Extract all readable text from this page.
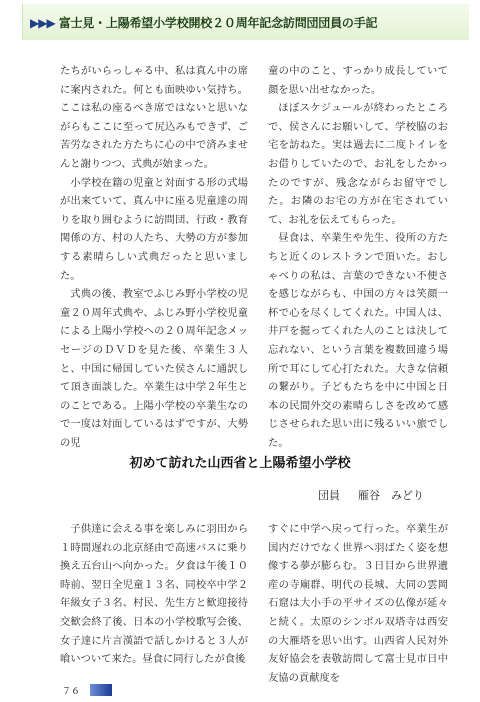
▶▶▶ 富士見・上陽希望小学校開校２０周年記念訪問団団員の手記

たちがいらっしゃる中、私は真ん中の席に案内された。何とも面映ゆい気持ち。ここは私の座るべき席ではないと思いながらもここに至って尻込みもできず、ご苦労なされた方たちに心の中で済みませんと謝りつつ、式典が始まった。

小学校在籍の児童と対面する形の式場が出来ていて、真ん中に座る児童達の周りを取り囲むように訪問団、行政・教育関係の方、村の人たち、大勢の方が参加する素晴らしい式典だったと思いました。

式典の後、教室でふじみ野小学校の児童２０周年式典や、ふじみ野小学校児童による上陽小学校への２０周年記念メッセージのＤＶＤを見た後、卒業生３人と、中国に帰国していた侯さんに通訳して頂き面談した。卒業生は中学２年生とのことである。上陽小学校の卒業生なので一度は対面しているはずですが、大勢の児

童の中のこと、すっかり成長していて顔を思い出せなかった。

ほぼスケジュールが終わったところで、侯さんにお願いして、学校脇のお宅を訪ねた。実は過去に二度トイレをお借りしていたので、お礼をしたかったのですが、残念ながらお留守でした。お隣のお宅の方が在宅されていて、お礼を伝えてもらった。

昼食は、卒業生や先生、役所の方たちと近くのレストランで頂いた。おしゃべりの私は、言葉のできない不便さを感じながらも、中国の方々は笑顔一杯で心を尽くしてくれた。中国人は、井戸を掘ってくれた人のことは決して忘れない、という言葉を複数回違う場所で耳にして心打たれた。大きな信頼の繋がり。子どもたちを中に中国と日本の民間外交の素晴らしさを改めて感じさせられた思い出に残るいい旅でした。

初めて訪れた山西省と上陽希望小学校
団員 雁谷　みどり

子供達に会える事を楽しみに羽田から１時間遅れの北京経由で高速バスに乗り換え五台山へ向かった。夕食は午後１０時前、翌日全児童１３名、同校卒中学２年級女子３名、村民、先生方と歓迎接待交歓会終了後、日本の小学校歌写会後、女子達に片言漢語で話しかけると３人が喰いついて来た。昼食に同行したが食後

すぐに中学へ戻って行った。卒業生が国内だけでなく世界へ羽ばたく姿を想像する夢が膨らむ。３日目から世界遺産の寺廟群、明代の長城、大同の雲岡石窟は大小手の平サイズの仏像が延々と続く。太原のシンボル双塔寺は西安の大雁塔を思い出す。山西省人民対外友好協会を表敬訪問して富士見市日中友協の貢献度を

７６
